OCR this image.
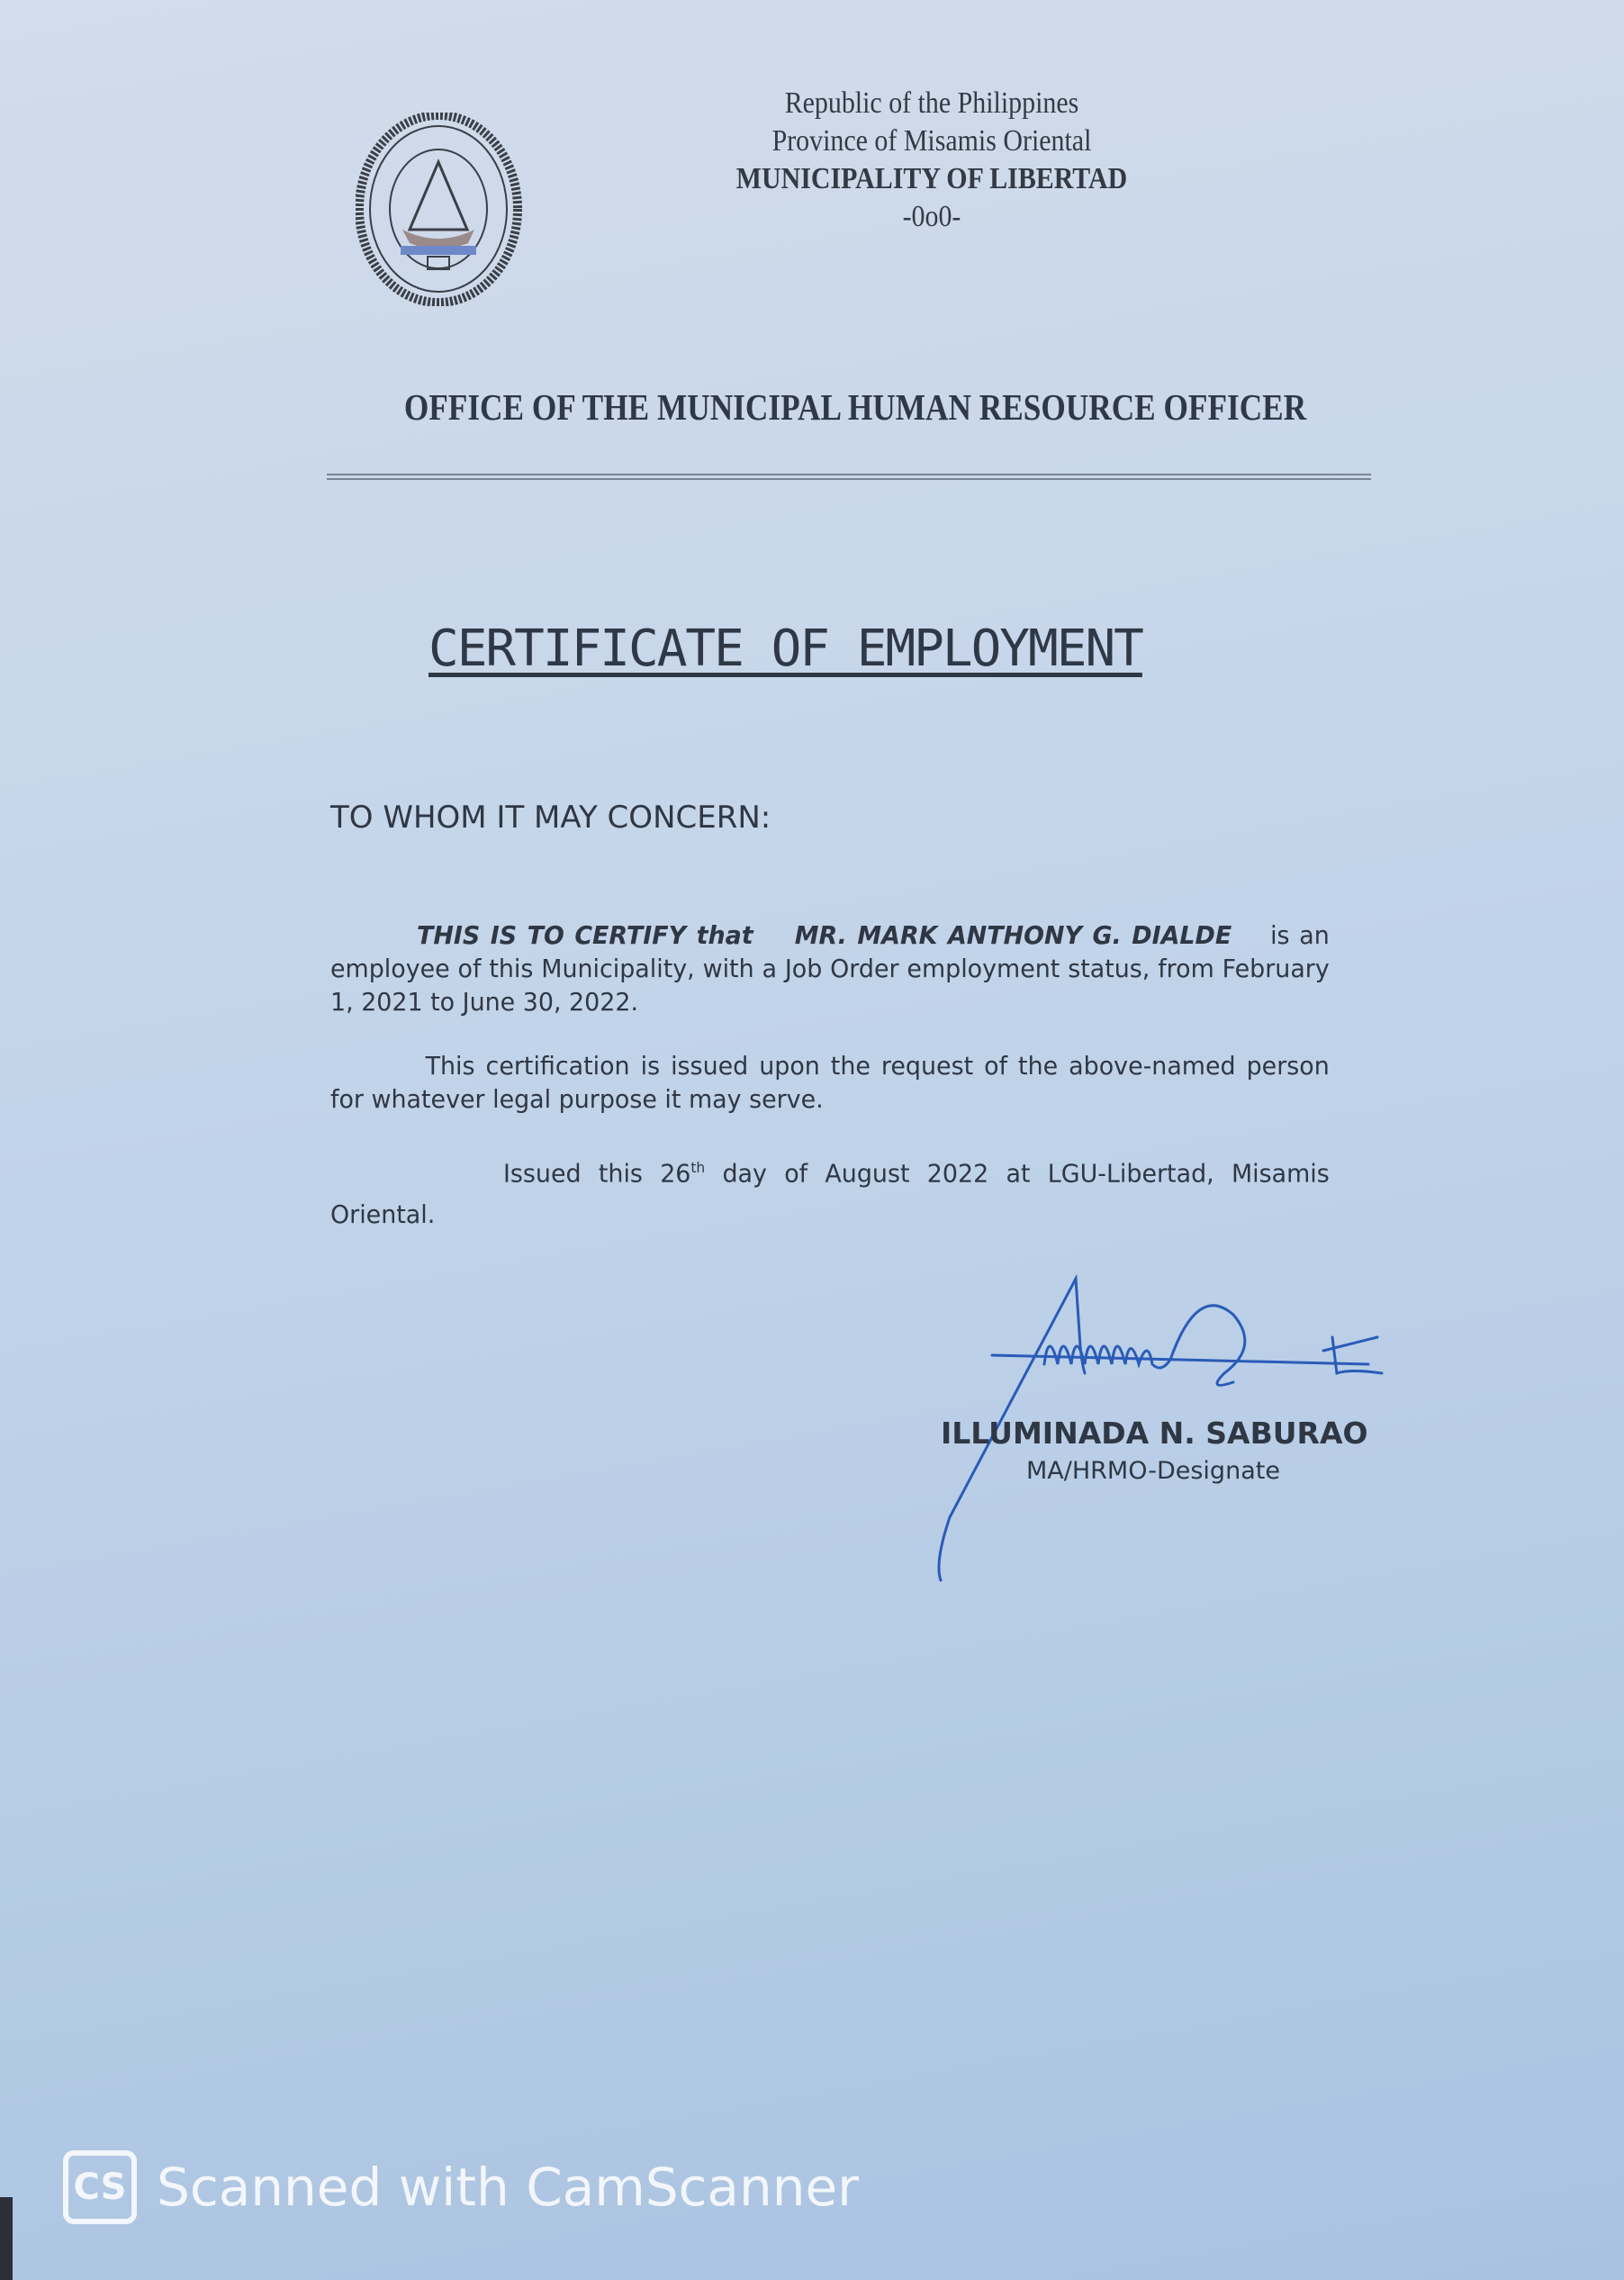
Republic of the Philippines
Province of Misamis Oriental
MUNICIPALITY OF LIBERTAD
-0o0-
OFFICE OF THE MUNICIPAL HUMAN RESOURCE OFFICER
CERTIFICATE OF EMPLOYMENT
TO WHOM IT MAY CONCERN:
THIS IS TO CERTIFY that MR. MARK ANTHONY G. DIALDE is an employee of this Municipality, with a Job Order employment status, from February 1, 2021 to June 30, 2022.
This certification is issued upon the request of the above-named person for whatever legal purpose it may serve.
Issued this 26th day of August 2022 at LGU-Libertad, Misamis Oriental.
ILLUMINADA N. SABURAO
MA/HRMO-Designate
CS Scanned with CamScanner
